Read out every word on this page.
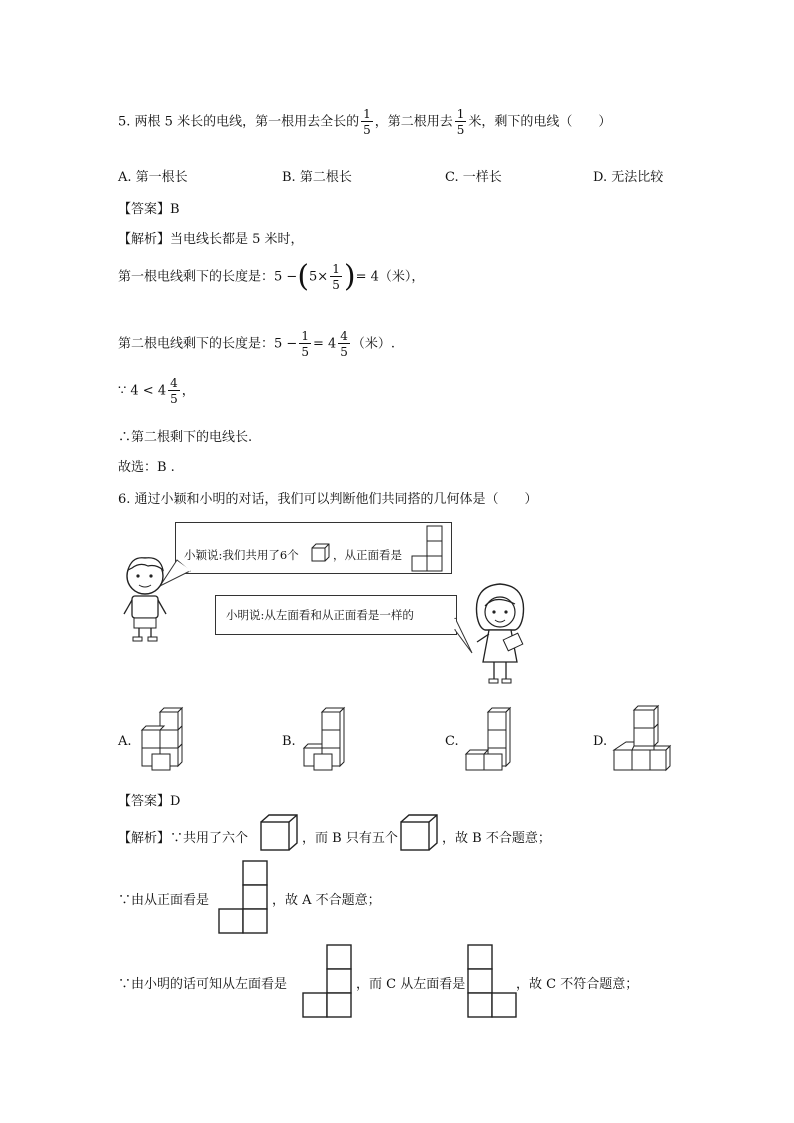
5. 两根 5 米长的电线，第一根用去全长的 $\frac{1}{5}$ ，第二根用去 $\frac{1}{5}$ 米，剩下的电线（　　）
A. 第一根长	B. 第二根长	C. 一样长	D. 无法比较
【答案】B
【解析】当电线长都是 5 米时，
第一根电线剩下的长度是：$5 -(5\times \frac{1}{5}$ )= 4（米），
第二根电线剩下的长度是：$5 - \frac{1}{5} = 4 \frac{4}{5}$ （米）.
∵ $4 < 4 \frac{4}{5}$ ，
∴第二根剩下的电线长.
故选：B .
6. 通过小颖和小明的对话，我们可以判断他们共同搭的几何体是（　　）
小颖说:我们共用了6个	，从正面看是
小明说:从左面看和从正面看是一样的
A.	B.	C.	D.
【答案】D
【解析】∵共用了六个	，而 B 只有五个	，故 B 不合题意；
∵由从正面看是	，故 A 不合题意；
∵由小明的话可知从左面看是	，而 C 从左面看是	，故 C 不符合题意；
